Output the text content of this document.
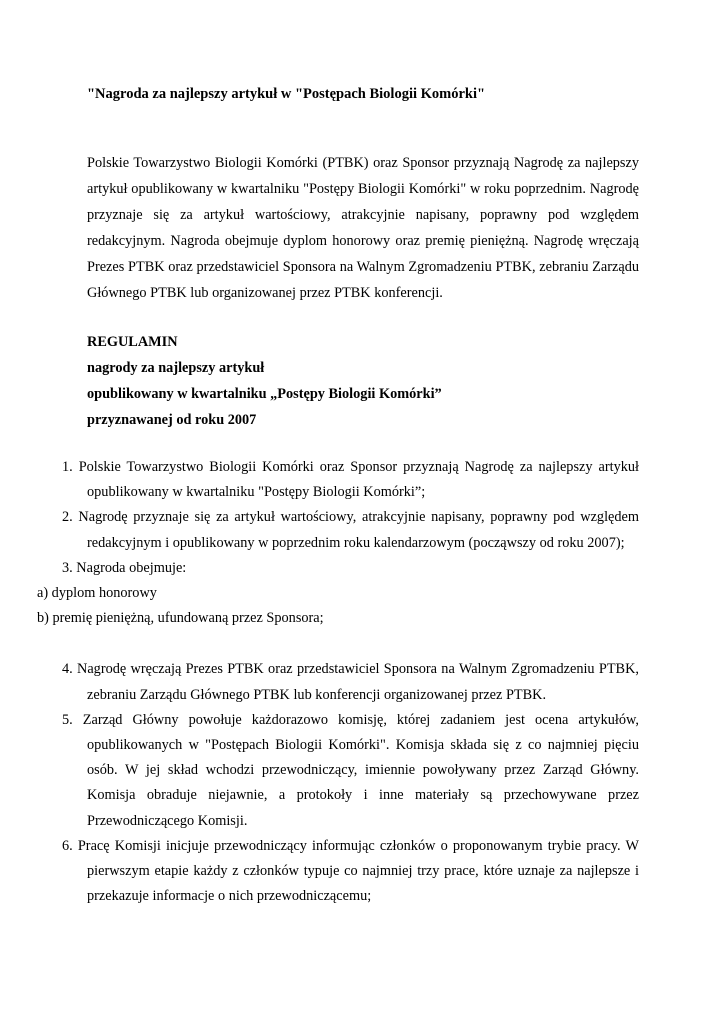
"Nagroda za najlepszy artykuł w "Postępach Biologii Komórki"
Polskie Towarzystwo Biologii Komórki (PTBK) oraz Sponsor przyznają Nagrodę za najlepszy artykuł opublikowany w kwartalniku "Postępy Biologii Komórki" w roku poprzednim. Nagrodę przyznaje się za artykuł wartościowy, atrakcyjnie napisany, poprawny pod względem redakcyjnym. Nagroda obejmuje dyplom honorowy oraz premię pieniężną. Nagrodę wręczają Prezes PTBK oraz przedstawiciel Sponsora na Walnym Zgromadzeniu PTBK, zebraniu Zarządu Głównego PTBK lub organizowanej przez PTBK konferencji.
REGULAMIN
nagrody za najlepszy artykuł
opublikowany w kwartalniku „Postępy Biologii Komórki”
przyznawanej od roku 2007
1. Polskie Towarzystwo Biologii Komórki oraz Sponsor przyznają Nagrodę za najlepszy artykuł opublikowany w kwartalniku "Postępy Biologii Komórki”;
2. Nagrodę przyznaje się za artykuł wartościowy, atrakcyjnie napisany, poprawny pod względem redakcyjnym i opublikowany w poprzednim roku kalendarzowym (począwszy od roku 2007);
3. Nagroda obejmuje:
a) dyplom honorowy
b) premię pieniężną, ufundowaną przez Sponsora;
4. Nagrodę wręczają Prezes PTBK oraz przedstawiciel Sponsora na Walnym Zgromadzeniu PTBK, zebraniu Zarządu Głównego PTBK lub konferencji organizowanej przez PTBK.
5. Zarząd Główny powołuje każdorazowo komisję, której zadaniem jest ocena artykułów, opublikowanych w "Postępach Biologii Komórki". Komisja składa się z co najmniej pięciu osób. W jej skład wchodzi przewodniczący, imiennie powoływany przez Zarząd Główny. Komisja obraduje niejawnie, a protokoły i inne materiały są przechowywane przez Przewodniczącego Komisji.
6. Pracę Komisji inicjuje przewodniczący informując członków o proponowanym trybie pracy. W pierwszym etapie każdy z członków typuje co najmniej trzy prace, które uznaje za najlepsze i przekazuje informacje o nich przewodniczącemu;
